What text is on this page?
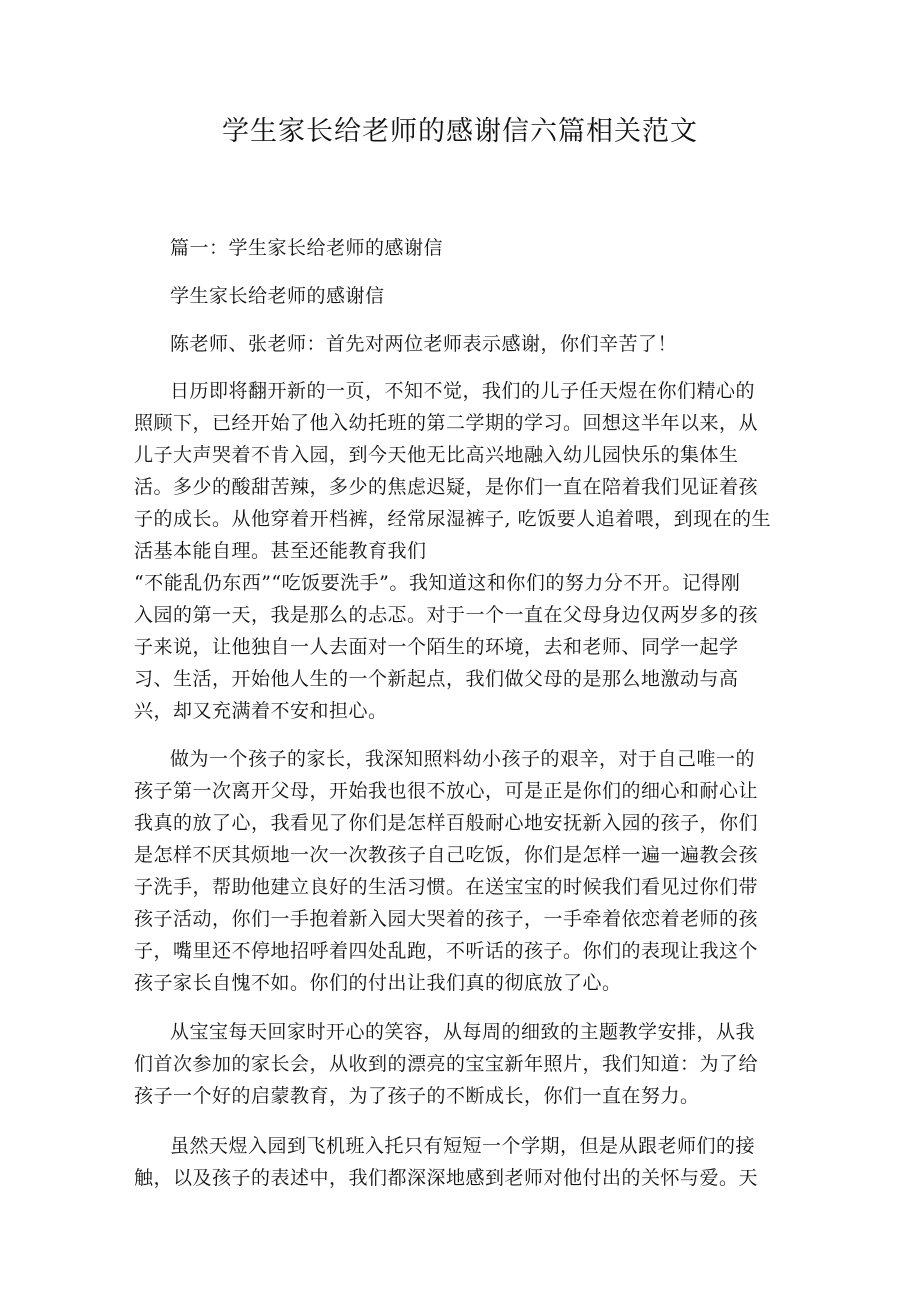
学生家长给老师的感谢信六篇相关范文
篇一：学生家长给老师的感谢信
学生家长给老师的感谢信
陈老师、张老师：首先对两位老师表示感谢，你们辛苦了！
日历即将翻开新的一页，不知不觉，我们的儿子任天煜在你们精心的
照顾下，已经开始了他入幼托班的第二学期的学习。回想这半年以来，从
儿子大声哭着不肯入园，到今天他无比高兴地融入幼儿园快乐的集体生
活。多少的酸甜苦辣，多少的焦虑迟疑，是你们一直在陪着我们见证着孩
子的成长。从他穿着开档裤，经常尿湿裤子, 吃饭要人追着喂，到现在的生
活基本能自理。甚至还能教育我们
“不能乱仍东西”“吃饭要洗手”。我知道这和你们的努力分不开。记得刚
入园的第一天，我是那么的忐忑。对于一个一直在父母身边仅两岁多的孩
子来说，让他独自一人去面对一个陌生的环境，去和老师、同学一起学
习、生活，开始他人生的一个新起点，我们做父母的是那么地激动与高
兴，却又充满着不安和担心。
做为一个孩子的家长，我深知照料幼小孩子的艰辛，对于自己唯一的
孩子第一次离开父母，开始我也很不放心，可是正是你们的细心和耐心让
我真的放了心，我看见了你们是怎样百般耐心地安抚新入园的孩子，你们
是怎样不厌其烦地一次一次教孩子自己吃饭，你们是怎样一遍一遍教会孩
子洗手，帮助他建立良好的生活习惯。在送宝宝的时候我们看见过你们带
孩子活动，你们一手抱着新入园大哭着的孩子，一手牵着依恋着老师的孩
子，嘴里还不停地招呼着四处乱跑，不听话的孩子。你们的表现让我这个
孩子家长自愧不如。你们的付出让我们真的彻底放了心。
从宝宝每天回家时开心的笑容，从每周的细致的主题教学安排，从我
们首次参加的家长会，从收到的漂亮的宝宝新年照片，我们知道：为了给
孩子一个好的启蒙教育，为了孩子的不断成长，你们一直在努力。
虽然天煜入园到飞机班入托只有短短一个学期，但是从跟老师们的接
触，以及孩子的表述中，我们都深深地感到老师对他付出的关怀与爱。天
